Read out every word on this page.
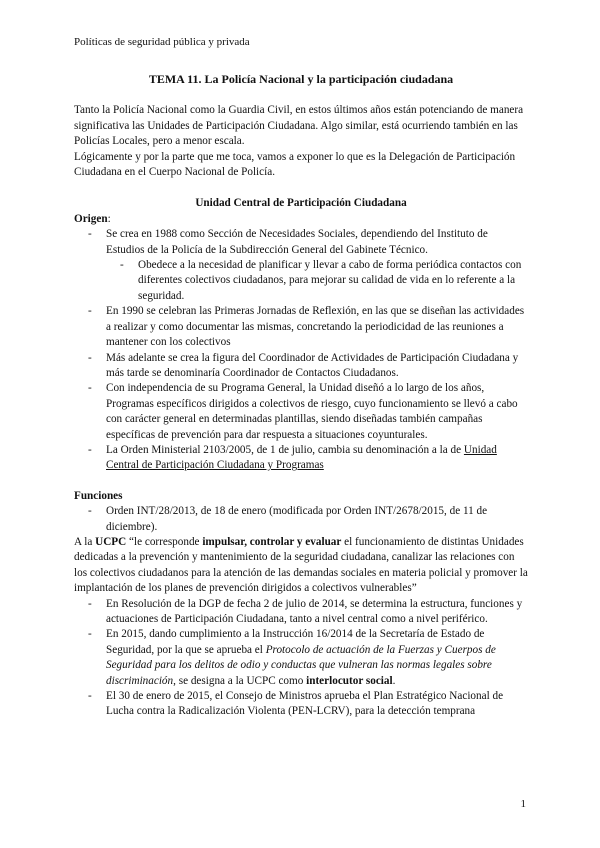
Políticas de seguridad pública y privada

TEMA 11. La Policía Nacional y la participación ciudadana

Tanto la Policía Nacional como la Guardia Civil, en estos últimos años están potenciando de manera significativa las Unidades de Participación Ciudadana. Algo similar, está ocurriendo también en las Policías Locales, pero a menor escala.

Lógicamente y por la parte que me toca, vamos a exponer lo que es la Delegación de Participación Ciudadana en el Cuerpo Nacional de Policía.

Unidad Central de Participación Ciudadana

Origen:

- Se crea en 1988 como Sección de Necesidades Sociales, dependiendo del Instituto de Estudios de la Policía de la Subdirección General del Gabinete Técnico.
- Obedece a la necesidad de planificar y llevar a cabo de forma periódica contactos con diferentes colectivos ciudadanos, para mejorar su calidad de vida en lo referente a la seguridad.
- En 1990 se celebran las Primeras Jornadas de Reflexión, en las que se diseñan las actividades a realizar y como documentar las mismas, concretando la periodicidad de las reuniones a mantener con los colectivos
- Más adelante se crea la figura del Coordinador de Actividades de Participación Ciudadana y más tarde se denominaría Coordinador de Contactos Ciudadanos.
- Con independencia de su Programa General, la Unidad diseñó a lo largo de los años, Programas específicos dirigidos a colectivos de riesgo, cuyo funcionamiento se llevó a cabo con carácter general en determinadas plantillas, siendo diseñadas también campañas específicas de prevención para dar respuesta a situaciones coyunturales.
- La Orden Ministerial 2103/2005, de 1 de julio, cambia su denominación a la de Unidad Central de Participación Ciudadana y Programas

Funciones

- Orden INT/28/2013, de 18 de enero (modificada por Orden INT/2678/2015, de 11 de diciembre).

A la UCPC “le corresponde impulsar, controlar y evaluar el funcionamiento de distintas Unidades dedicadas a la prevención y mantenimiento de la seguridad ciudadana, canalizar las relaciones con los colectivos ciudadanos para la atención de las demandas sociales en materia policial y promover la implantación de los planes de prevención dirigidos a colectivos vulnerables”

- En Resolución de la DGP de fecha 2 de julio de 2014, se determina la estructura, funciones y actuaciones de Participación Ciudadana, tanto a nivel central como a nivel periférico.
- En 2015, dando cumplimiento a la Instrucción 16/2014 de la Secretaría de Estado de Seguridad, por la que se aprueba el Protocolo de actuación de la Fuerzas y Cuerpos de Seguridad para los delitos de odio y conductas que vulneran las normas legales sobre discriminación, se designa a la UCPC como interlocutor social.
- El 30 de enero de 2015, el Consejo de Ministros aprueba el Plan Estratégico Nacional de Lucha contra la Radicalización Violenta (PEN-LCRV), para la detección temprana
1
